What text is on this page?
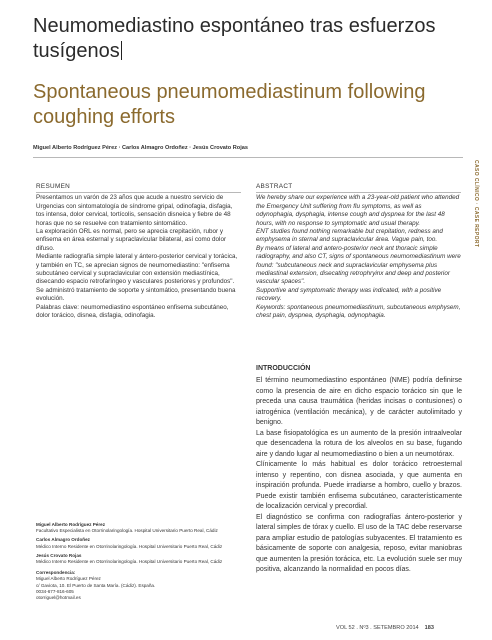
Neumomediastino espontáneo tras esfuerzos tusígenos
Spontaneous pneumomediastinum following coughing efforts
Miguel Alberto Rodríguez Pérez · Carlos Almagro Ordoñez · Jesús Crovato Rojas
CASO CLÍNICO · CASE REPORT
RESUMEN

Presentamos un varón de 23 años que acude a nuestro servicio de Urgencias con sintomatología de síndrome gripal, odinofagia, disfagia, tos intensa, dolor cervical, tortícolis, sensación disneica y fiebre de 48 horas que no se resuelve con tratamiento sintomático.

La exploración ORL es normal, pero se aprecia crepitación, rubor y enfisema en área esternal y supraclavicular bilateral, así como dolor difuso.

Mediante radiografía simple lateral y ántero-posterior cervical y torácica, y también en TC, se aprecian signos de neumomediastino: "enfisema subcutáneo cervical y supraclavicular con extensión mediastínica, disecando espacio retrofaríngeo y vasculares posteriores y profundos".

Se administró tratamiento de soporte y sintomático, presentando buena evolución.

Palabras clave: neumomediastino espontáneo enfisema subcutáneo, dolor torácico, disnea, disfagia, odinofagia.

ABSTRACT

We hereby share our experience with a 23-year-old patient who attended the Emergency Unit suffering from flu symptoms, as well as odynophagia, dysphagia, intense cough and dyspnea for the last 48 hours, with no response to symptomatic and usual therapy.

ENT studies found nothing remarkable but crepitation, redness and emphysema in sternal and supraclavicular área. Vague pain, too.

By means of lateral and antero-posterior neck ant thoracic simple radiography, and also CT, signs of spontaneous neumomediastinum were found: "subcutaneous neck and supraclavicular emphysema plus mediastinal extension, disecating retrophryinx and deep and posterior vascular spaces".

Supportive and symptomatic therapy was indicated, with a positive recovery.

Keywords: spontaneous pneumomediastinum, subcutaneous emphysem, chest pain, dyspnea, dysphagia, odynophagia.

INTRODUCCIÓN

El término neumomediastino espontáneo (NME) podría definirse como la presencia de aire en dicho espacio torácico sin que le preceda una causa traumática (heridas incisas o contusiones) o iatrogénica (ventilación mecánica), y de carácter autolimitado y benigno.

La base fisiopatológica es un aumento de la presión intraalveolar que desencadena la rotura de los alveolos en su base, fugando aire y dando lugar al neumomediastino o bien a un neumotórax.

Clínicamente lo más habitual es dolor torácico retroesternal intenso y repentino, con disnea asociada, y que aumenta en inspiración profunda. Puede irradiarse a hombro, cuello y brazos. Puede existir también enfisema subcutáneo, característicamente de localización cervical y precordial.

El diagnóstico se confirma con radiografías ántero-posterior y lateral simples de tórax y cuello. El uso de la TAC debe reservarse para ampliar estudio de patologías subyacentes. El tratamiento es básicamente de soporte con analgesia, reposo, evitar maniobras que aumenten la presión torácica, etc. La evolución suele ser muy positiva, alcanzando la normalidad en pocos días.

Miguel Alberto Rodríguez Pérez

Facultativo Especialista en Otorrinolaringología. Hospital Universitario Puerto Real, Cádiz

Carlos Almagro Ordoñez

Médico Interno Residente en Otorrinolaringología. Hospital Universitario Puerto Real, Cádiz

Jesús Crovato Rojas

Médico Interno Residente en Otorrinolaringología. Hospital Universitario Puerto Real, Cádiz

Correspondencia:

Miguel Alberto Rodríguez Pérez

c/ Gaviota, 10. El Puerto de Santa María. (Cádiz). España.

0034-677-816-605

otorriguel@hotmail.es

VOL 52 . Nº3 . SETEMBRO 2014 183
